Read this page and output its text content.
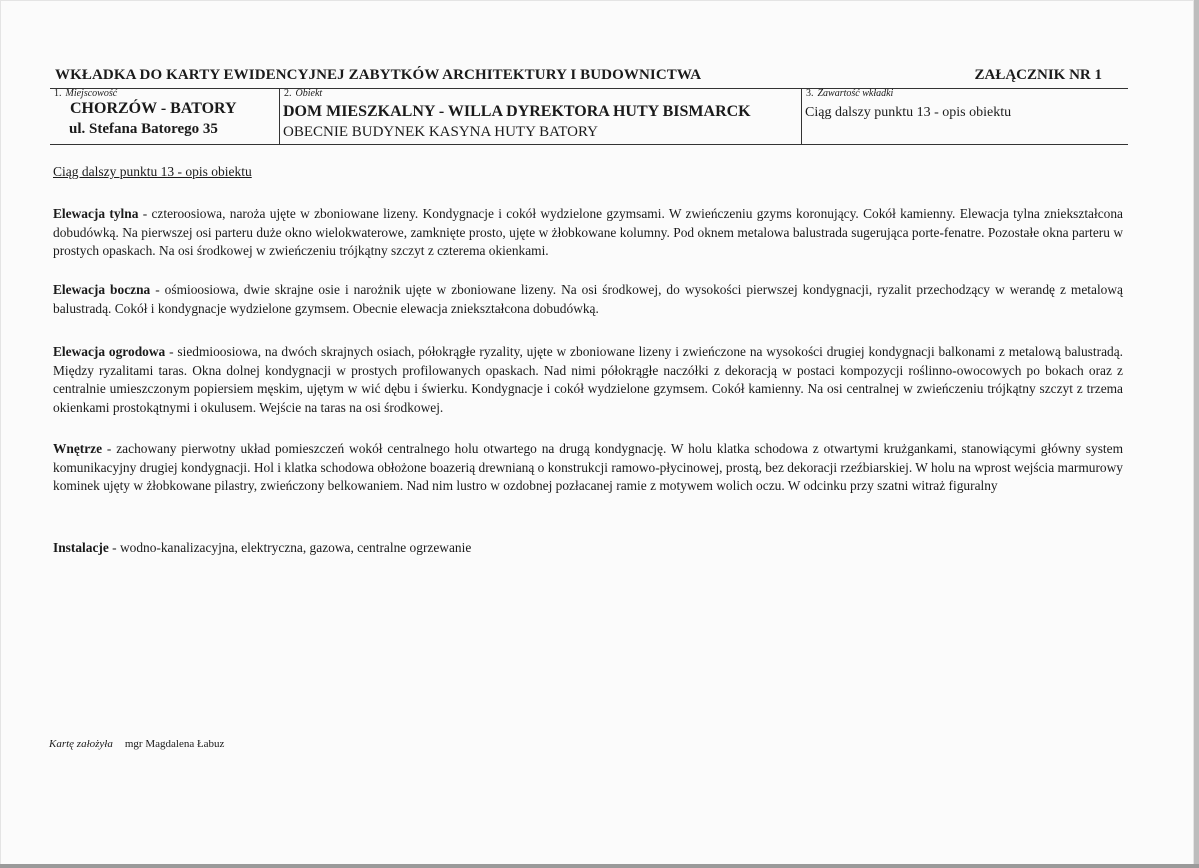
WKŁADKA DO KARTY EWIDENCYJNEJ ZABYTKÓW ARCHITEKTURY I BUDOWNICTWA	ZAŁĄCZNIK NR 1
1. Miejscowość
CHORZÓW - BATORY
ul. Stefana Batorego 35
2. Obiekt
DOM MIESZKALNY - WILLA DYREKTORA HUTY BISMARCK
OBECNIE BUDYNEK KASYNA HUTY BATORY
3. Zawartość wkładki
Ciąg dalszy punktu 13 - opis obiektu
Ciąg dalszy punktu 13 - opis obiektu
Elewacja tylna - czteroosiowa, naroża ujęte w zboniowane lizeny. Kondygnacje i cokół wydzielone gzymsami. W zwieńczeniu gzyms koronujący. Cokół kamienny. Elewacja tylna zniekształcona dobudówką. Na pierwszej osi parteru duże okno wielokwaterowe, zamknięte prosto, ujęte w żłobkowane kolumny. Pod oknem metalowa balustrada sugerująca porte-fenatre. Pozostałe okna parteru w prostych opaskach. Na osi środkowej w zwieńczeniu trójkątny szczyt z czterema okienkami.
Elewacja boczna - ośmioosiowa, dwie skrajne osie i narożnik ujęte w zboniowane lizeny. Na osi środkowej, do wysokości pierwszej kondygnacji, ryzalit przechodzący w werandę z metalową balustradą. Cokół i kondygnacje wydzielone gzymsem. Obecnie elewacja zniekształcona dobudówką.
Elewacja ogrodowa - siedmioosiowa, na dwóch skrajnych osiach, półokrągłe ryzality, ujęte w zboniowane lizeny i zwieńczone na wysokości drugiej kondygnacji balkonami z metalową balustradą. Między ryzalitami taras. Okna dolnej kondygnacji w prostych profilowanych opaskach. Nad nimi półokrągłe naczółki z dekoracją w postaci kompozycji roślinno-owocowych po bokach oraz z centralnie umieszczonym popiersiem męskim, ujętym w wić dębu i świerku. Kondygnacje i cokół wydzielone gzymsem. Cokół kamienny. Na osi centralnej w zwieńczeniu trójkątny szczyt z trzema okienkami prostokątnymi i okulusem. Wejście na taras na osi środkowej.
Wnętrze - zachowany pierwotny układ pomieszczeń wokół centralnego holu otwartego na drugą kondygnację. W holu klatka schodowa z otwartymi krużgankami, stanowiącymi główny system komunikacyjny drugiej kondygnacji. Hol i klatka schodowa obłożone boazerią drewnianą o konstrukcji ramowo-płycinowej, prostą, bez dekoracji rzeźbiarskiej. W holu na wprost wejścia marmurowy kominek ujęty w żłobkowane pilastry, zwieńczony belkowaniem. Nad nim lustro w ozdobnej pozłacanej ramie z motywem wolich oczu. W odcinku przy szatni witraż figuralny
Instalacje - wodno-kanalizacyjna, elektryczna, gazowa, centralne ogrzewanie
Kartę założyła mgr Magdalena Łabuz
